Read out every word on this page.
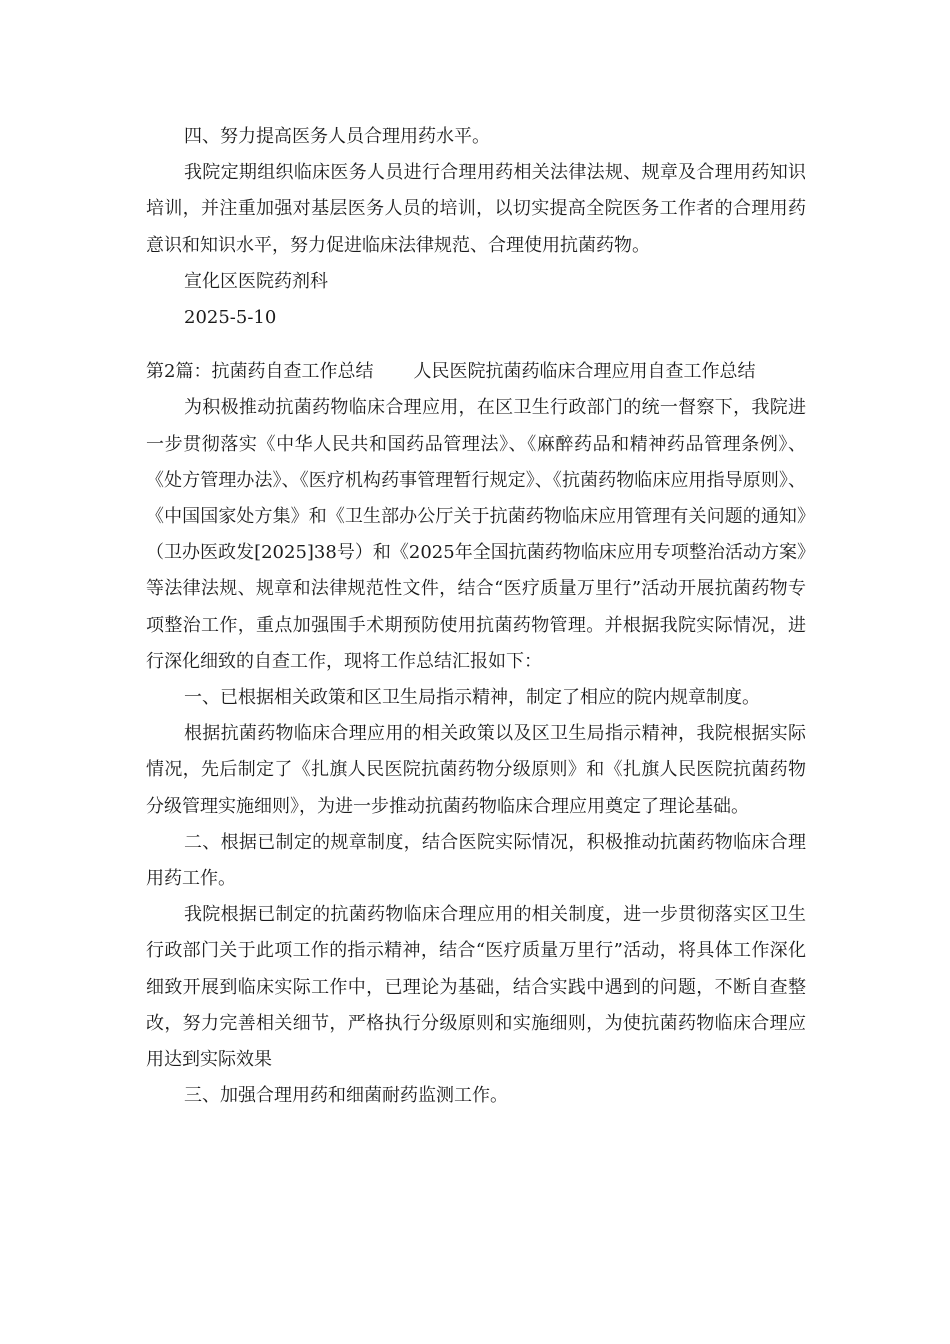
四、努力提高医务人员合理用药水平。

我院定期组织临床医务人员进行合理用药相关法律法规、规章及合理用药知识培训，并注重加强对基层医务人员的培训，以切实提高全院医务工作者的合理用药意识和知识水平，努力促进临床法律规范、合理使用抗菌药物。

宣化区医院药剂科

2025-5-10

第2篇：抗菌药自查工作总结 人民医院抗菌药临床合理应用自查工作总结

为积极推动抗菌药物临床合理应用，在区卫生行政部门的统一督察下，我院进一步贯彻落实《中华人民共和国药品管理法》、《麻醉药品和精神药品管理条例》、《处方管理办法》、《医疗机构药事管理暂行规定》、《抗菌药物临床应用指导原则》、《中国国家处方集》和《卫生部办公厅关于抗菌药物临床应用管理有关问题的通知》（卫办医政发[2025]38号）和《2025年全国抗菌药物临床应用专项整治活动方案》等法律法规、规章和法律规范性文件，结合“医疗质量万里行”活动开展抗菌药物专项整治工作，重点加强围手术期预防使用抗菌药物管理。并根据我院实际情况，进行深化细致的自查工作，现将工作总结汇报如下：

一、已根据相关政策和区卫生局指示精神，制定了相应的院内规章制度。

根据抗菌药物临床合理应用的相关政策以及区卫生局指示精神，我院根据实际情况，先后制定了《扎旗人民医院抗菌药物分级原则》和《扎旗人民医院抗菌药物分级管理实施细则》，为进一步推动抗菌药物临床合理应用奠定了理论基础。

二、根据已制定的规章制度，结合医院实际情况，积极推动抗菌药物临床合理用药工作。

我院根据已制定的抗菌药物临床合理应用的相关制度，进一步贯彻落实区卫生行政部门关于此项工作的指示精神，结合“医疗质量万里行”活动，将具体工作深化细致开展到临床实际工作中，已理论为基础，结合实践中遇到的问题，不断自查整改，努力完善相关细节，严格执行分级原则和实施细则，为使抗菌药物临床合理应用达到实际效果

三、加强合理用药和细菌耐药监测工作。
